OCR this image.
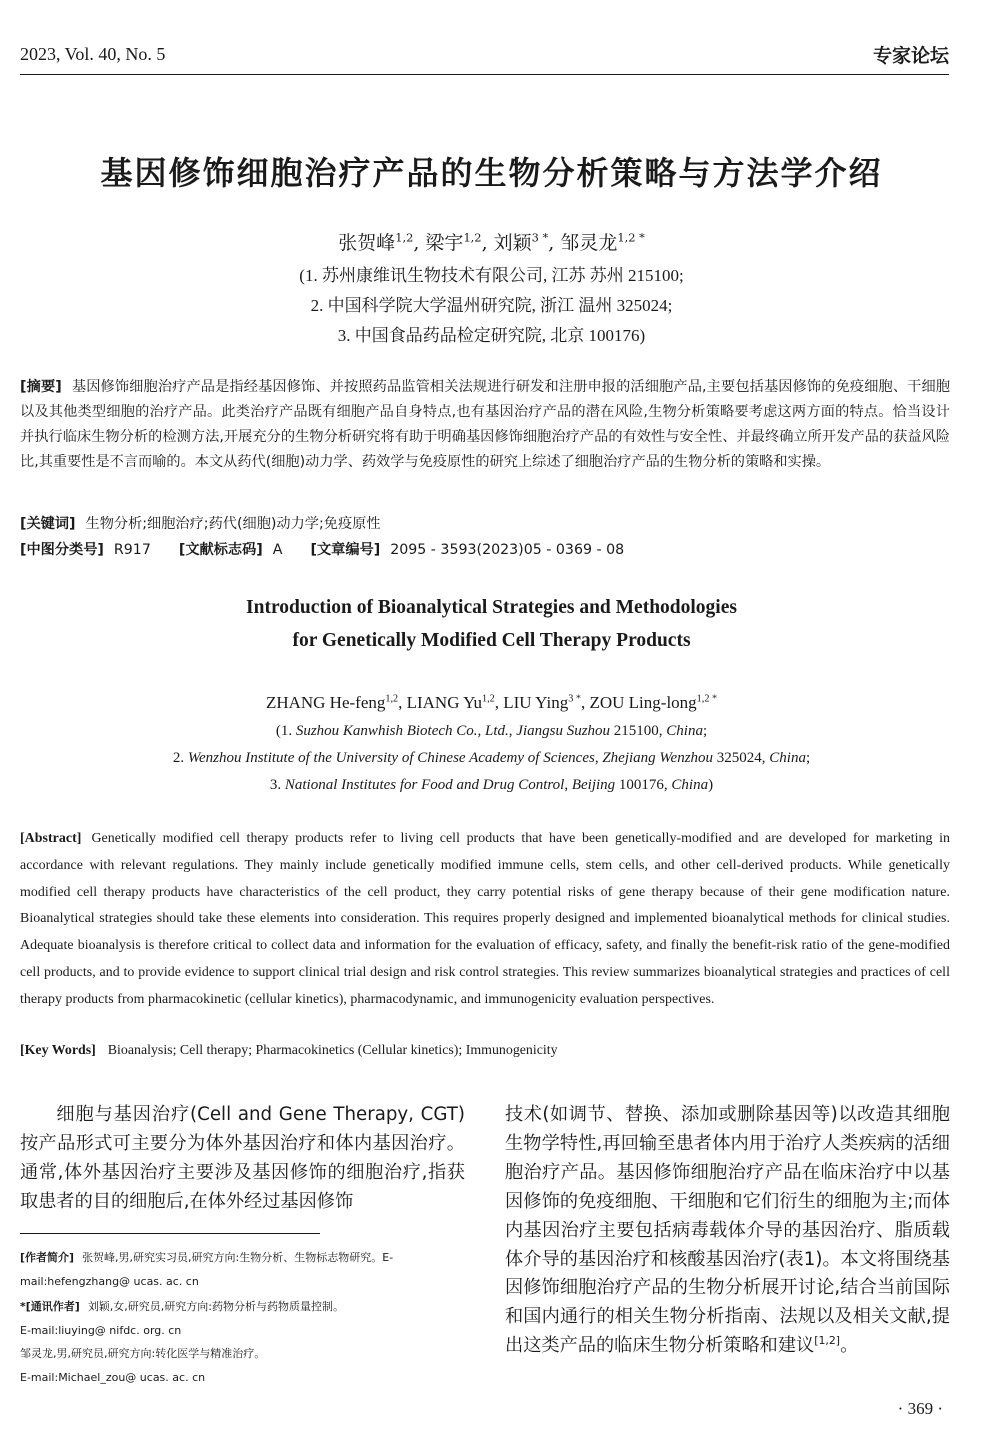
2023, Vol. 40, No. 5	专家论坛
基因修饰细胞治疗产品的生物分析策略与方法学介绍
张贺峰$^{1,2}$, 梁宇$^{1,2}$, 刘颖$^{3 *}$, 邹灵龙$^{1,2 *}$
(1. 苏州康维讯生物技术有限公司, 江苏 苏州 215100;
2. 中国科学院大学温州研究院, 浙江 温州 325024;
3. 中国食品药品检定研究院, 北京 100176)
[摘要] 基因修饰细胞治疗产品是指经基因修饰、并按照药品监管相关法规进行研发和注册申报的活细胞产品,主要包括基因修饰的免疫细胞、干细胞以及其他类型细胞的治疗产品。此类治疗产品既有细胞产品自身特点,也有基因治疗产品的潜在风险,生物分析策略要考虑这两方面的特点。恰当设计并执行临床生物分析的检测方法,开展充分的生物分析研究将有助于明确基因修饰细胞治疗产品的有效性与安全性、并最终确立所开发产品的获益风险比,其重要性是不言而喻的。本文从药代(细胞)动力学、药效学与免疫原性的研究上综述了细胞治疗产品的生物分析的策略和实操。
[关键词] 生物分析;细胞治疗;药代(细胞)动力学;免疫原性
[中图分类号] R917 [文献标志码] A [文章编号] 2095 - 3593(2023)05 - 0369 - 08
Introduction of Bioanalytical Strategies and Methodologies
for Genetically Modified Cell Therapy Products
ZHANG He-feng$^{1,2}$, LIANG Yu$^{1,2}$, LIU Ying$^{3 *}$, ZOU Ling-long$^{1,2 *}$
(1. Suzhou Kanwhish Biotech Co., Ltd., Jiangsu Suzhou 215100, China;
2. Wenzhou Institute of the University of Chinese Academy of Sciences, Zhejiang Wenzhou 325024, China;
3. National Institutes for Food and Drug Control, Beijing 100176, China)
[Abstract] Genetically modified cell therapy products refer to living cell products that have been genetically-modified and are developed for marketing in accordance with relevant regulations. They mainly include genetically modified immune cells, stem cells, and other cell-derived products. While genetically modified cell therapy products have characteristics of the cell product, they carry potential risks of gene therapy because of their gene modification nature. Bioanalytical strategies should take these elements into consideration. This requires properly designed and implemented bioanalytical methods for clinical studies. Adequate bioanalysis is therefore critical to collect data and information for the evaluation of efficacy, safety, and finally the benefit-risk ratio of the gene-modified cell products, and to provide evidence to support clinical trial design and risk control strategies. This review summarizes bioanalytical strategies and practices of cell therapy products from pharmacokinetic (cellular kinetics), pharmacodynamic, and immunogenicity evaluation perspectives.
[Key Words] Bioanalysis; Cell therapy; Pharmacokinetics (Cellular kinetics); Immunogenicity
细胞与基因治疗(Cell and Gene Therapy, CGT)按产品形式可主要分为体外基因治疗和体内基因治疗。通常,体外基因治疗主要涉及基因修饰的细胞治疗,指获取患者的目的细胞后,在体外经过基因修饰
技术(如调节、替换、添加或删除基因等)以改造其细胞生物学特性,再回输至患者体内用于治疗人类疾病的活细胞治疗产品。基因修饰细胞治疗产品在临床治疗中以基因修饰的免疫细胞、干细胞和它们衍生的细胞为主;而体内基因治疗主要包括病毒载体介导的基因治疗、脂质载体介导的基因治疗和核酸基因治疗(表1)。本文将围绕基因修饰细胞治疗产品的生物分析展开讨论,结合当前国际和国内通行的相关生物分析指南、法规以及相关文献,提出这类产品的临床生物分析策略和建议[1,2]。
[作者简介] 张贺峰,男,研究实习员,研究方向:生物分析、生物标志物研究。E-mail:hefengzhang@ ucas. ac. cn
*[通讯作者] 刘颖,女,研究员,研究方向:药物分析与药物质量控制。
E-mail:liuying@ nifdc. org. cn
邹灵龙,男,研究员,研究方向:转化医学与精准治疗。
E-mail:Michael_zou@ ucas. ac. cn
· 369 ·
